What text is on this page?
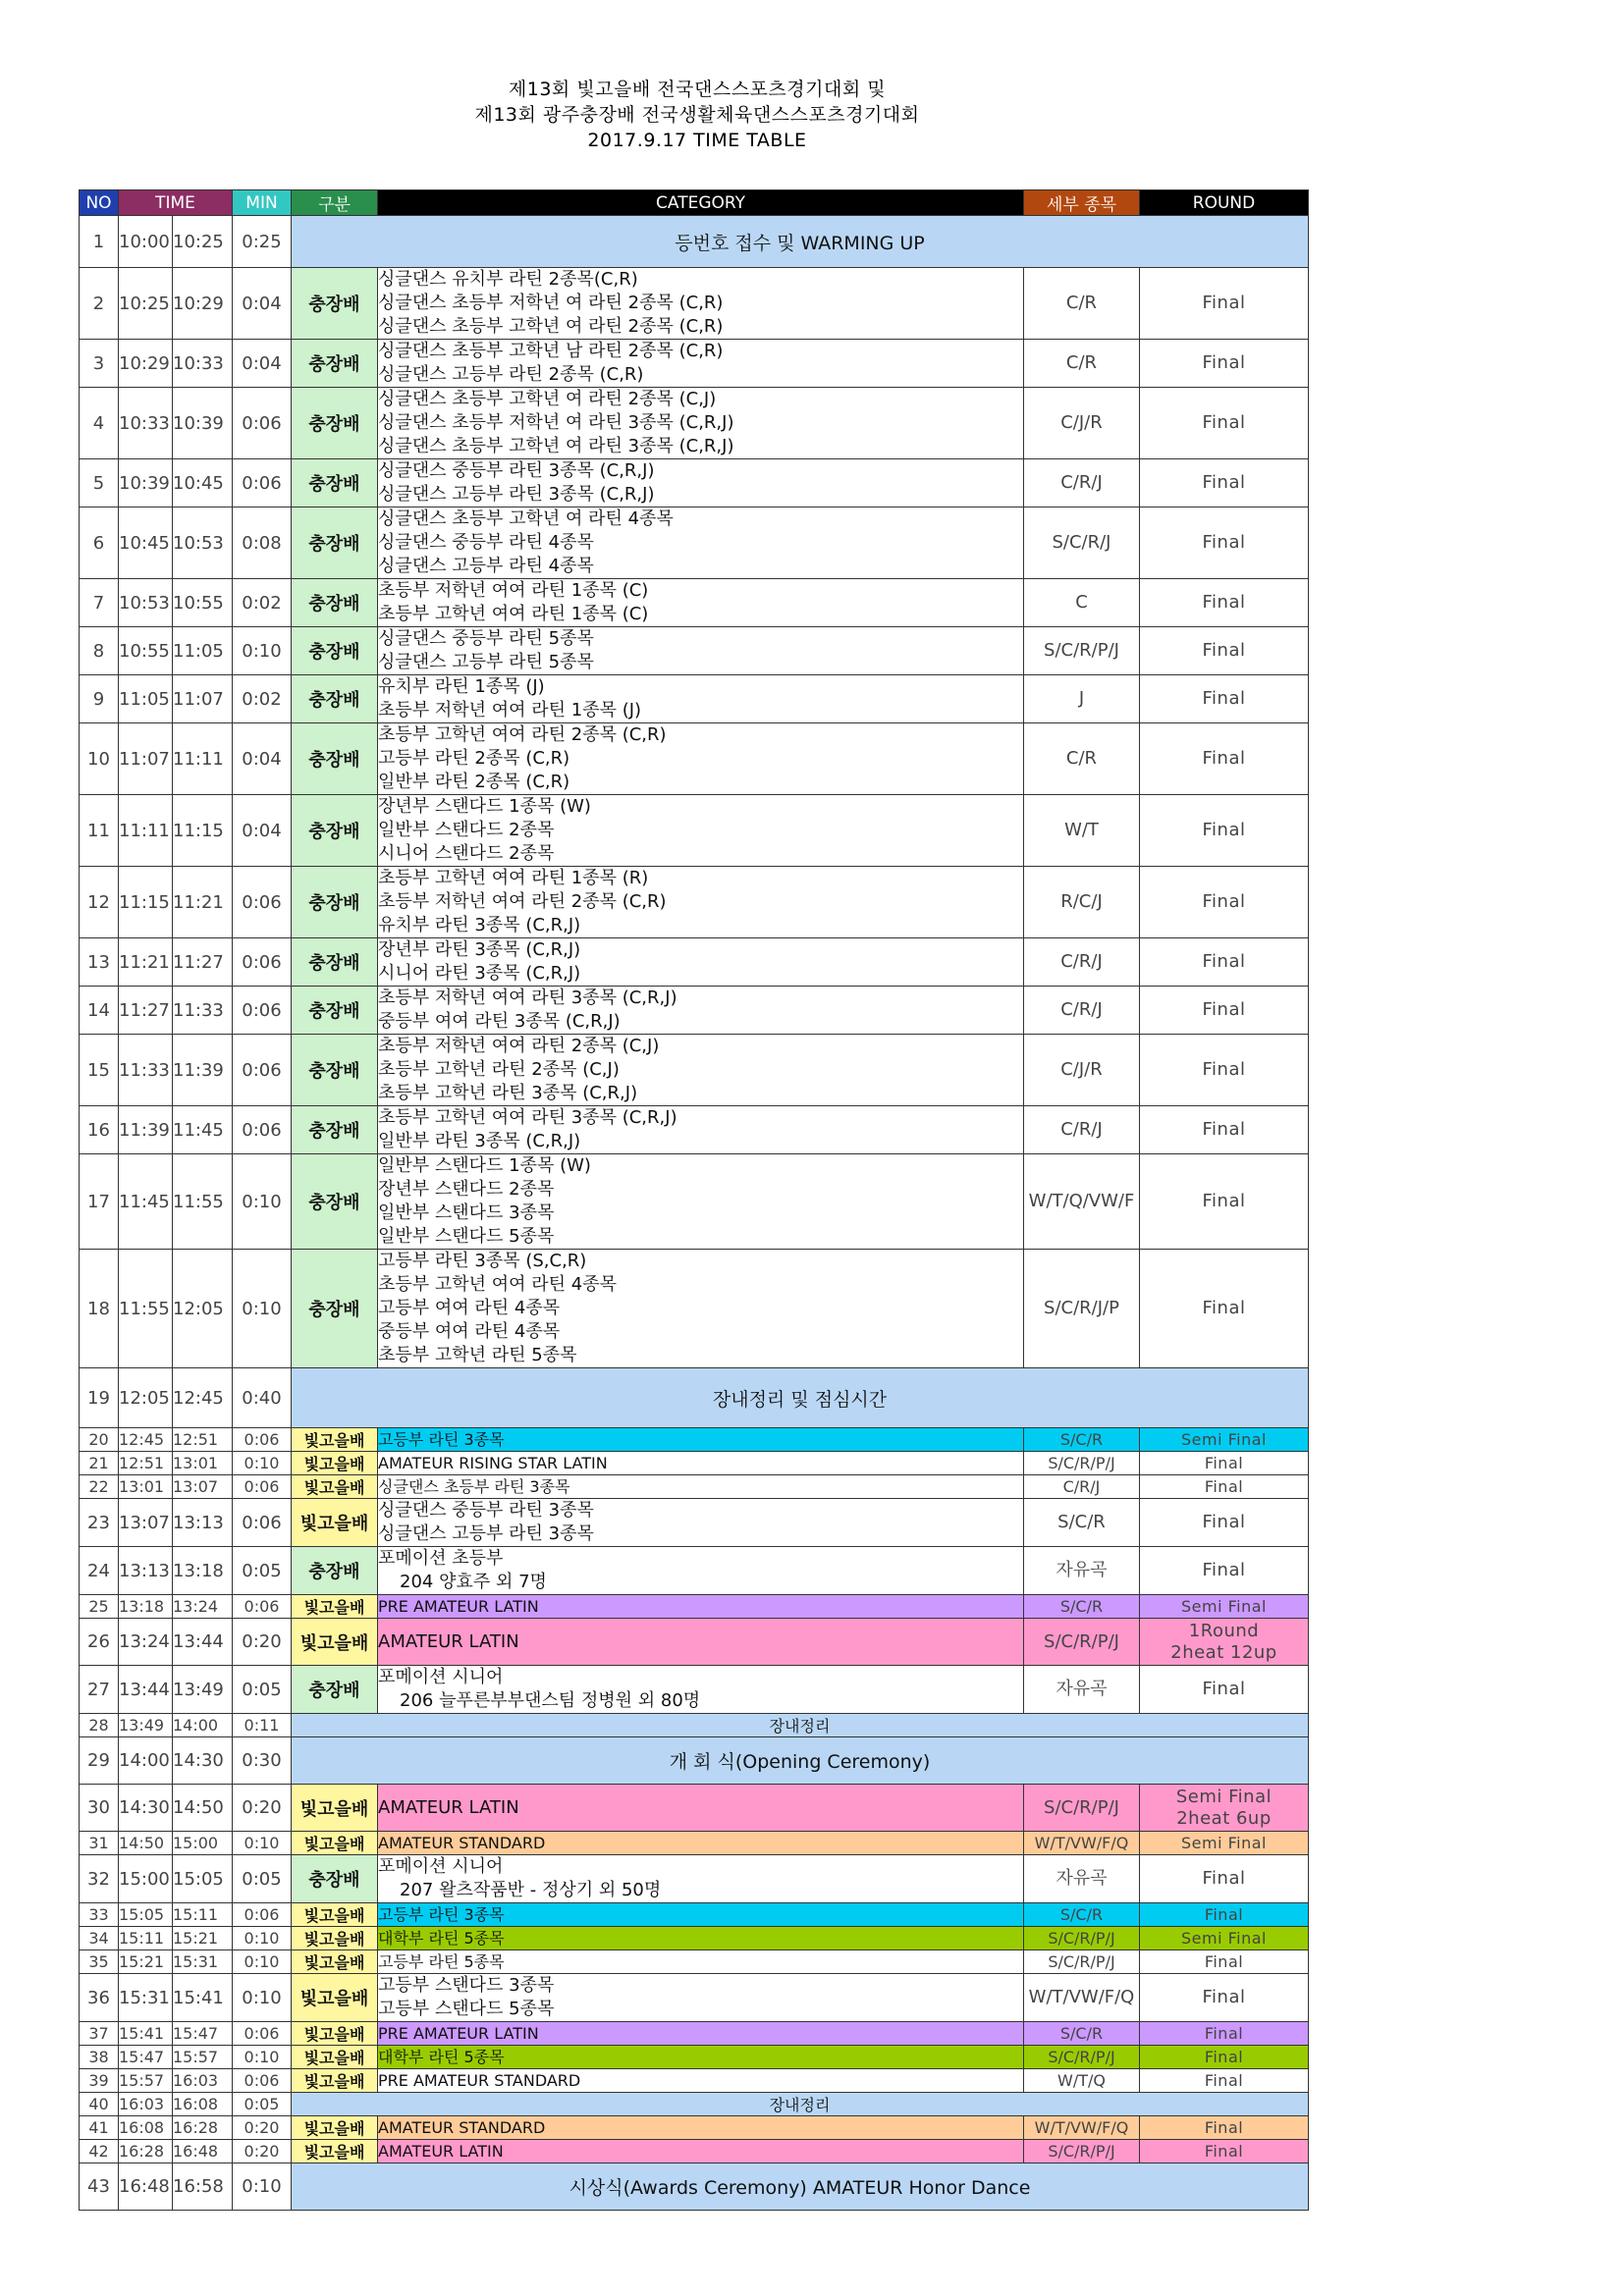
제13회 빛고을배 전국댄스스포츠경기대회 및
제13회 광주충장배 전국생활체육댄스스포츠경기대회
2017.9.17 TIME TABLE
NO	TIME		MIN	구분	CATEGORY	세부 종목	ROUND
1	10:00	10:25	0:25	등번호 접수 및 WARMING UP			
2	10:25	10:29	0:04	충장배	싱글댄스 유치부 라틴 2종목(C,R)
싱글댄스 초등부 저학년 여 라틴 2종목 (C,R)
싱글댄스 초등부 고학년 여 라틴 2종목 (C,R)	C/R	Final

3	10:29	10:33	0:04	충장배	싱글댄스 초등부 고학년 남 라틴 2종목 (C,R)
싱글댄스 고등부 라틴 2종목 (C,R)	C/R	Final

4	10:33	10:39	0:06	충장배	싱글댄스 초등부 고학년 여 라틴 2종목 (C,J)
싱글댄스 초등부 저학년 여 라틴 3종목 (C,R,J)
싱글댄스 초등부 고학년 여 라틴 3종목 (C,R,J)	C/J/R	Final

5	10:39	10:45	0:06	충장배	싱글댄스 중등부 라틴 3종목 (C,R,J)
싱글댄스 고등부 라틴 3종목 (C,R,J)	C/R/J	Final

6	10:45	10:53	0:08	충장배	싱글댄스 초등부 고학년 여 라틴 4종목
싱글댄스 중등부 라틴 4종목
싱글댄스 고등부 라틴 4종목	S/C/R/J	Final

7	10:53	10:55	0:02	충장배	초등부 저학년 여여 라틴 1종목 (C)
초등부 고학년 여여 라틴 1종목 (C)	C	Final

8	10:55	11:05	0:10	충장배	싱글댄스 중등부 라틴 5종목
싱글댄스 고등부 라틴 5종목	S/C/R/P/J	Final

9	11:05	11:07	0:02	충장배	유치부 라틴 1종목 (J)
초등부 저학년 여여 라틴 1종목 (J)	J	Final

10	11:07	11:11	0:04	충장배	초등부 고학년 여여 라틴 2종목 (C,R)
고등부 라틴 2종목 (C,R)
일반부 라틴 2종목 (C,R)	C/R	Final

11	11:11	11:15	0:04	충장배	장년부 스탠다드 1종목 (W)
일반부 스탠다드 2종목
시니어 스탠다드 2종목	W/T	Final

12	11:15	11:21	0:06	충장배	초등부 고학년 여여 라틴 1종목 (R)
초등부 저학년 여여 라틴 2종목 (C,R)
유치부 라틴 3종목 (C,R,J)	R/C/J	Final

13	11:21	11:27	0:06	충장배	장년부 라틴 3종목 (C,R,J)
시니어 라틴 3종목 (C,R,J)	C/R/J	Final

14	11:27	11:33	0:06	충장배	초등부 저학년 여여 라틴 3종목 (C,R,J)
중등부 여여 라틴 3종목 (C,R,J)	C/R/J	Final

15	11:33	11:39	0:06	충장배	초등부 저학년 여여 라틴 2종목 (C,J)
초등부 고학년 라틴 2종목 (C,J)
초등부 고학년 라틴 3종목 (C,R,J)	C/J/R	Final

16	11:39	11:45	0:06	충장배	초등부 고학년 여여 라틴 3종목 (C,R,J)
일반부 라틴 3종목 (C,R,J)	C/R/J	Final

17	11:45	11:55	0:10	충장배	일반부 스탠다드 1종목 (W)
장년부 스탠다드 2종목
일반부 스탠다드 3종목
일반부 스탠다드 5종목	W/T/Q/VW/F	Final

18	11:55	12:05	0:10	충장배	고등부 라틴 3종목 (S,C,R)
초등부 고학년 여여 라틴 4종목
고등부 여여 라틴 4종목
중등부 여여 라틴 4종목
초등부 고학년 라틴 5종목	S/C/R/J/P	Final

19	12:05	12:45	0:40	장내정리 및 점심시간			
20	12:45	12:51	0:06	빛고을배	고등부 라틴 3종목	S/C/R	Semi Final

21	12:51	13:01	0:10	빛고을배	AMATEUR RISING STAR LATIN	S/C/R/P/J	Final

22	13:01	13:07	0:06	빛고을배	싱글댄스 초등부 라틴 3종목	C/R/J	Final

23	13:07	13:13	0:06	빛고을배	싱글댄스 중등부 라틴 3종목
싱글댄스 고등부 라틴 3종목	S/C/R	Final

24	13:13	13:18	0:05	충장배	포메이션 초등부
204 양효주 외 7명	자유곡	Final

25	13:18	13:24	0:06	빛고을배	PRE AMATEUR LATIN	S/C/R	Semi Final

26	13:24	13:44	0:20	빛고을배	AMATEUR LATIN	S/C/R/P/J	1Round
2heat 12up

27	13:44	13:49	0:05	충장배	포메이션 시니어
206 늘푸른부부댄스팀 정병원 외 80명	자유곡	Final

28	13:49	14:00	0:11	장내정리			
29	14:00	14:30	0:30	개 회 식(Opening Ceremony)			
30	14:30	14:50	0:20	빛고을배	AMATEUR LATIN	S/C/R/P/J	Semi Final
2heat 6up

31	14:50	15:00	0:10	빛고을배	AMATEUR STANDARD	W/T/VW/F/Q	Semi Final

32	15:00	15:05	0:05	충장배	포메이션 시니어
207 왈츠작품반 - 정상기 외 50명	자유곡	Final

33	15:05	15:11	0:06	빛고을배	고등부 라틴 3종목	S/C/R	Final

34	15:11	15:21	0:10	빛고을배	대학부 라틴 5종목	S/C/R/P/J	Semi Final

35	15:21	15:31	0:10	빛고을배	고등부 라틴 5종목	S/C/R/P/J	Final

36	15:31	15:41	0:10	빛고을배	고등부 스탠다드 3종목
고등부 스탠다드 5종목	W/T/VW/F/Q	Final

37	15:41	15:47	0:06	빛고을배	PRE AMATEUR LATIN	S/C/R	Final

38	15:47	15:57	0:10	빛고을배	대학부 라틴 5종목	S/C/R/P/J	Final

39	15:57	16:03	0:06	빛고을배	PRE AMATEUR STANDARD	W/T/Q	Final

40	16:03	16:08	0:05	장내정리			
41	16:08	16:28	0:20	빛고을배	AMATEUR STANDARD	W/T/VW/F/Q	Final

42	16:28	16:48	0:20	빛고을배	AMATEUR LATIN	S/C/R/P/J	Final

43	16:48	16:58	0:10	시상식(Awards Ceremony) AMATEUR Honor Dance			
